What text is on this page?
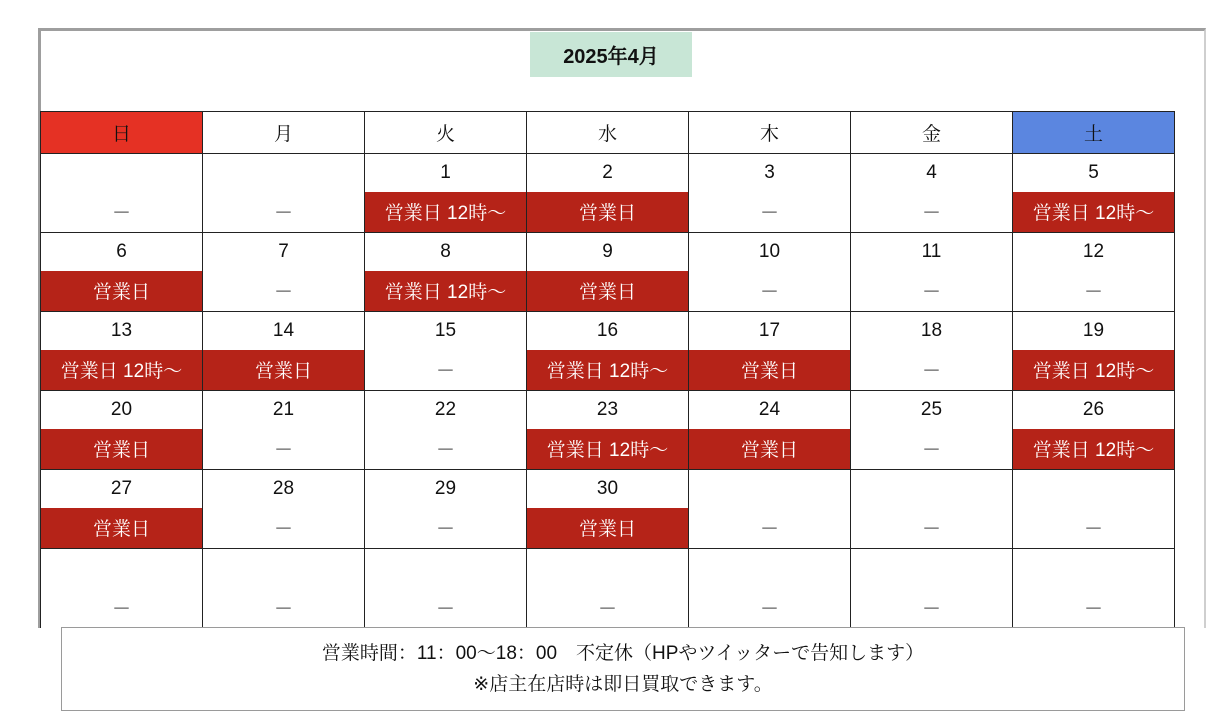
2025年4月
日	月	火	水	木	金	土
		1	2	3	4	5
－	－	営業日 12時〜	営業日	－	－	営業日 12時〜
6	7	8	9	10	11	12
営業日	－	営業日 12時〜	営業日	－	－	－
13	14	15	16	17	18	19
営業日 12時〜	営業日	－	営業日 12時〜	営業日	－	営業日 12時〜
20	21	22	23	24	25	26
営業日	－	－	営業日 12時〜	営業日	－	営業日 12時〜
27	28	29	30			
営業日	－	－	営業日	－	－	－

－	－	－	－	－	－	－
営業時間：11：00〜18：00　不定休（HPやツイッターで告知します）
※店主在店時は即日買取できます。
